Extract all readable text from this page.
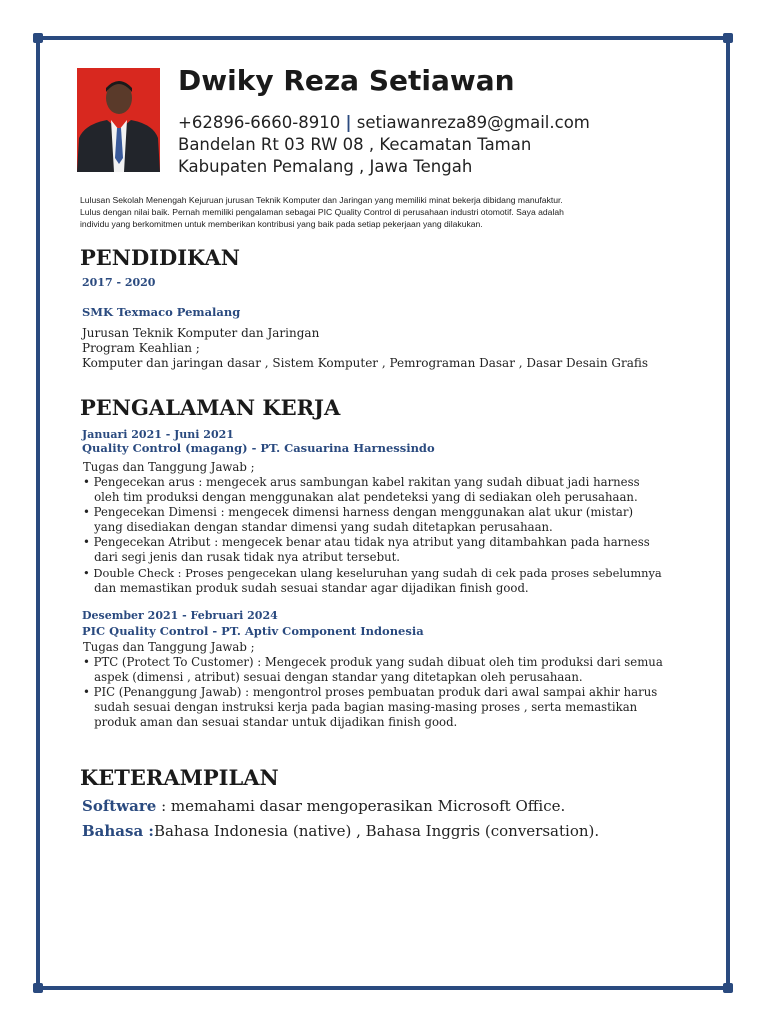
Dwiky Reza Setiawan
+62896-6660-8910 | setiawanreza89@gmail.com
Bandelan Rt 03 RW 08 , Kecamatan Taman
Kabupaten Pemalang , Jawa Tengah
Lulusan Sekolah Menengah Kejuruan jurusan Teknik Komputer dan Jaringan yang memiliki minat bekerja dibidang manufaktur.
Lulus dengan nilai baik. Pernah memiliki pengalaman sebagai PIC Quality Control di perusahaan industri otomotif. Saya adalah
individu yang berkomitmen untuk memberikan kontribusi yang baik pada setiap pekerjaan yang dilakukan.
PENDIDIKAN
2017 - 2020
SMK Texmaco Pemalang
Jurusan Teknik Komputer dan Jaringan
Program Keahlian ;
Komputer dan jaringan dasar , Sistem Komputer , Pemrograman Dasar , Dasar Desain Grafis
PENGALAMAN KERJA
Januari 2021 - Juni 2021
Quality Control (magang) - PT. Casuarina Harnessindo
Tugas dan Tanggung Jawab ;
• Pengecekan arus : mengecek arus sambungan kabel rakitan yang sudah dibuat jadi harness
oleh tim produksi dengan menggunakan alat pendeteksi yang di sediakan oleh perusahaan.
• Pengecekan Dimensi : mengecek dimensi harness dengan menggunakan alat ukur (mistar)
yang disediakan dengan standar dimensi yang sudah ditetapkan perusahaan.
• Pengecekan Atribut : mengecek benar atau tidak nya atribut yang ditambahkan pada harness
dari segi jenis dan rusak tidak nya atribut tersebut.
• Double Check : Proses pengecekan ulang keseluruhan yang sudah di cek pada proses sebelumnya
dan memastikan produk sudah sesuai standar agar dijadikan finish good.
Desember 2021 - Februari 2024
PIC Quality Control - PT. Aptiv Component Indonesia
Tugas dan Tanggung Jawab ;
• PTC (Protect To Customer) : Mengecek produk yang sudah dibuat oleh tim produksi dari semua
aspek (dimensi , atribut) sesuai dengan standar yang ditetapkan oleh perusahaan.
• PIC (Penanggung Jawab) : mengontrol proses pembuatan produk dari awal sampai akhir harus
sudah sesuai dengan instruksi kerja pada bagian masing-masing proses , serta memastikan
produk aman dan sesuai standar untuk dijadikan finish good.
KETERAMPILAN
Software : memahami dasar mengoperasikan Microsoft Office.
Bahasa :Bahasa Indonesia (native) , Bahasa Inggris (conversation).
